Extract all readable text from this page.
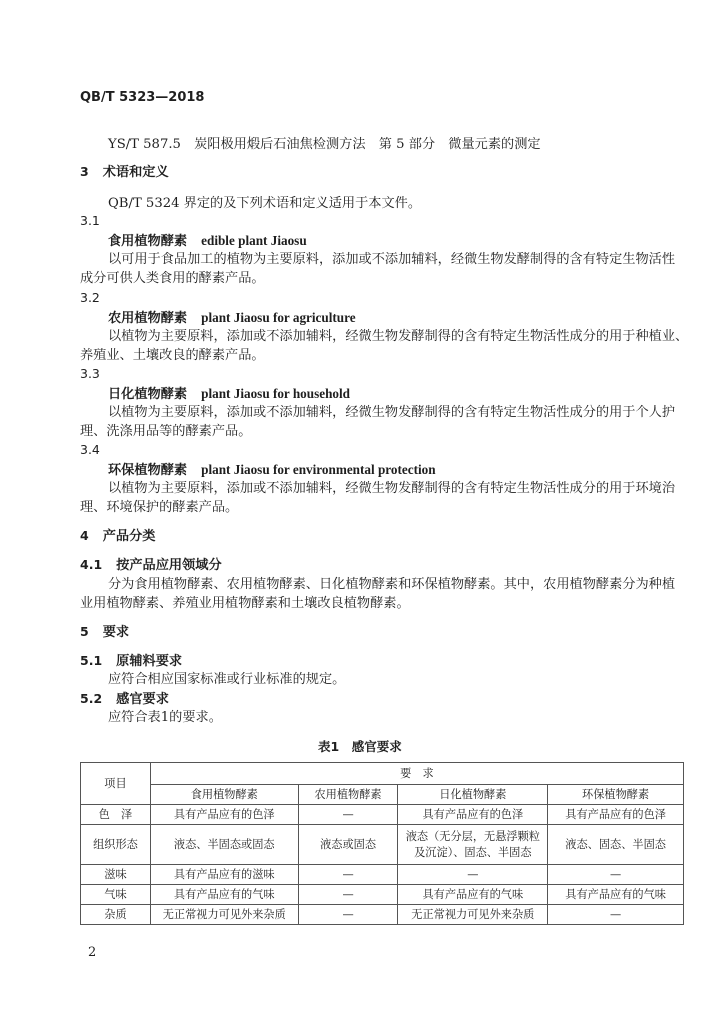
QB/T 5323—2018
YS/T 587.5　炭阳极用煅后石油焦检测方法　第 5 部分　微量元素的测定
3 术语和定义
QB/T 5324 界定的及下列术语和定义适用于本文件。
3.1
食用植物酵素 edible plant Jiaosu
以可用于食品加工的植物为主要原料，添加或不添加辅料，经微生物发酵制得的含有特定生物活性
成分可供人类食用的酵素产品。
3.2
农用植物酵素 plant Jiaosu for agriculture
以植物为主要原料，添加或不添加辅料，经微生物发酵制得的含有特定生物活性成分的用于种植业、
养殖业、土壤改良的酵素产品。
3.3
日化植物酵素 plant Jiaosu for household
以植物为主要原料，添加或不添加辅料，经微生物发酵制得的含有特定生物活性成分的用于个人护
理、洗涤用品等的酵素产品。
3.4
环保植物酵素 plant Jiaosu for environmental protection
以植物为主要原料，添加或不添加辅料，经微生物发酵制得的含有特定生物活性成分的用于环境治
理、环境保护的酵素产品。
4 产品分类
4.1 按产品应用领域分
分为食用植物酵素、农用植物酵素、日化植物酵素和环保植物酵素。其中，农用植物酵素分为种植
业用植物酵素、养殖业用植物酵素和土壤改良植物酵素。
5 要求
5.1 原辅料要求
应符合相应国家标准或行业标准的规定。
5.2 感官要求
应符合表1的要求。
表1　感官要求
项目	要　求			
	食用植物酵素	农用植物酵素	日化植物酵素	环保植物酵素
色　泽	具有产品应有的色泽	—	具有产品应有的色泽	具有产品应有的色泽
组织形态	液态、半固态或固态	液态或固态	液态（无分层，无悬浮颗粒
及沉淀）、固态、半固态	液态、固态、半固态
滋味	具有产品应有的滋味	—	—	—
气味	具有产品应有的气味	—	具有产品应有的气味	具有产品应有的气味
杂质	无正常视力可见外来杂质	—	无正常视力可见外来杂质	—
2
